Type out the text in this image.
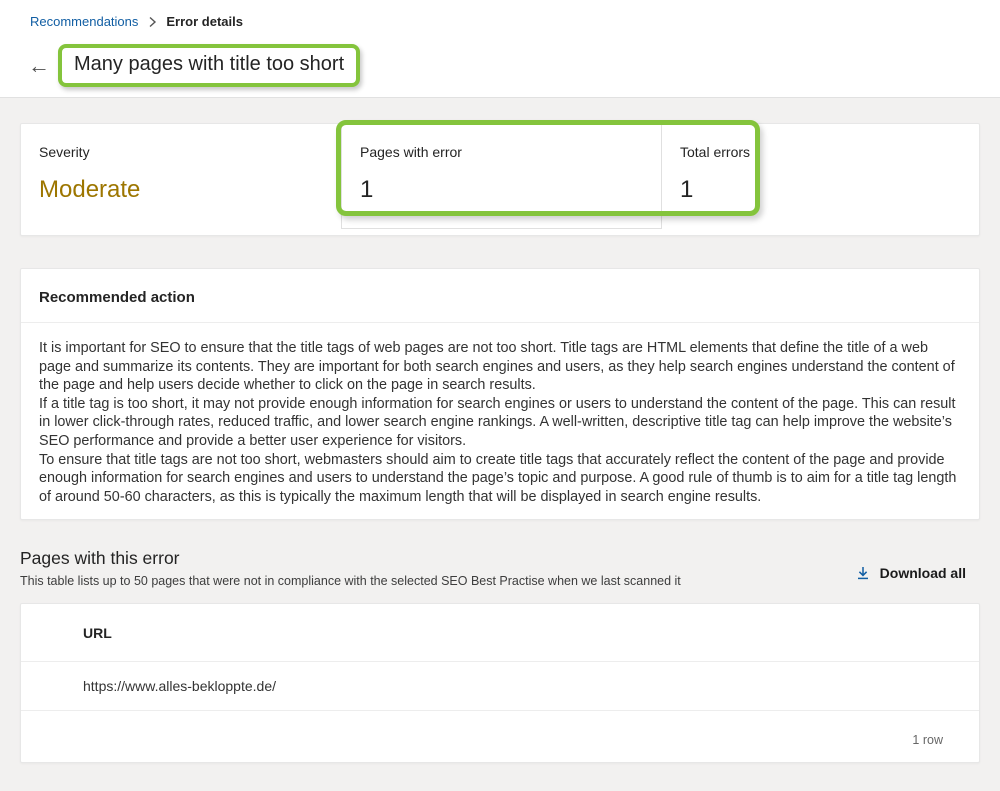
Recommendations Error details
←	Many pages with title too short
Severity
Moderate
Pages with error
1
Total errors
1
Recommended action

It is important for SEO to ensure that the title tags of web pages are not too short. Title tags are HTML elements that define the title of a web page and summarize its contents. They are important for both search engines and users, as they help search engines understand the content of the page and help users decide whether to click on the page in search results.

If a title tag is too short, it may not provide enough information for search engines or users to understand the content of the page. This can result in lower click-through rates, reduced traffic, and lower search engine rankings. A well-written, descriptive title tag can help improve the website’s SEO performance and provide a better user experience for visitors.

To ensure that title tags are not too short, webmasters should aim to create title tags that accurately reflect the content of the page and provide enough information for search engines and users to understand the page’s topic and purpose. A good rule of thumb is to aim for a title tag length of around 50-60 characters, as this is typically the maximum length that will be displayed in search engine results.

Pages with this error
This table lists up to 50 pages that were not in compliance with the selected SEO Best Practise when we last scanned it	Download all
URL
https://www.alles-bekloppte.de/
1 row
